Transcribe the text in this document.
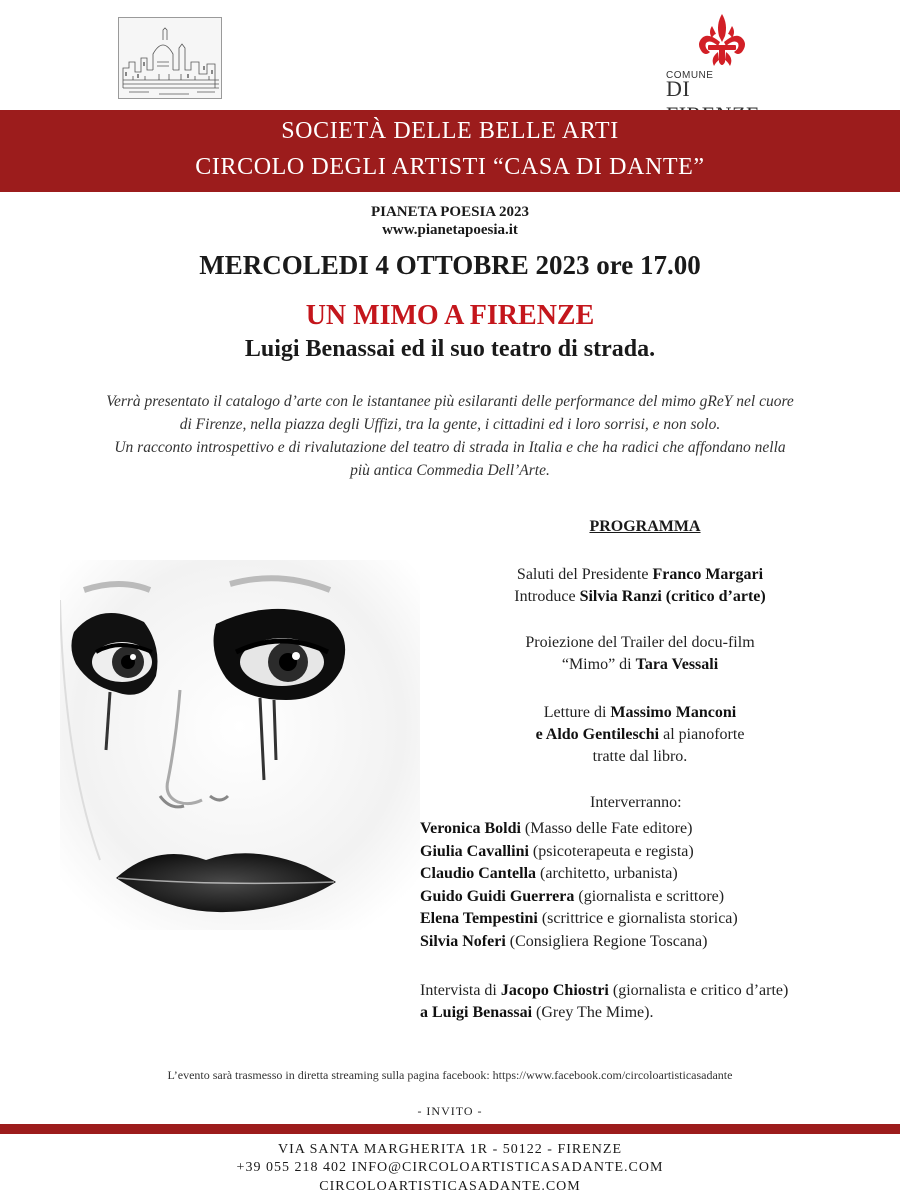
COMUNE
DI
SOCIETÀ DELLE BELLE ARTI
CIRCOLO DEGLI ARTISTI “CASA DI DANTE”
PIANETA POESIA 2023
www.pianetapoesia.it
MERCOLEDI 4 OTTOBRE 2023 ore 17.00
UN MIMO A FIRENZE
Luigi Benassai ed il suo teatro di strada.
Verrà presentato il catalogo d’arte con le istantanee più esilaranti delle performance del mimo gReY nel cuore
di Firenze, nella piazza degli Uffizi, tra la gente, i cittadini ed i loro sorrisi, e non solo.
Un racconto introspettivo e di rivalutazione del teatro di strada in Italia e che ha radici che affondano nella
più antica Commedia Dell’Arte.
PROGRAMMA
Saluti del Presidente Franco Margari
Introduce Silvia Ranzi (critico d’arte)
Proiezione del Trailer del docu-film
“Mimo” di Tara Vessali
Letture di Massimo Manconi
e Aldo Gentileschi al pianoforte
tratte dal libro.
Interverranno:
Veronica Boldi (Masso delle Fate editore)
Giulia Cavallini (psicoterapeuta e regista)
Claudio Cantella (architetto, urbanista)
Guido Guidi Guerrera (giornalista e scrittore)
Elena Tempestini (scrittrice e giornalista storica)
Silvia Noferi (Consigliera Regione Toscana)
Intervista di Jacopo Chiostri (giornalista e critico d’arte)
a Luigi Benassai (Grey The Mime).
L’evento sarà trasmesso in diretta streaming sulla pagina facebook: https://www.facebook.com/circoloartisticasadante
- INVITO -
VIA SANTA MARGHERITA 1R - 50122 - FIRENZE
+39 055 218 402 INFO@CIRCOLOARTISTICASADANTE.COM
CIRCOLOARTISTICASADANTE.COM
